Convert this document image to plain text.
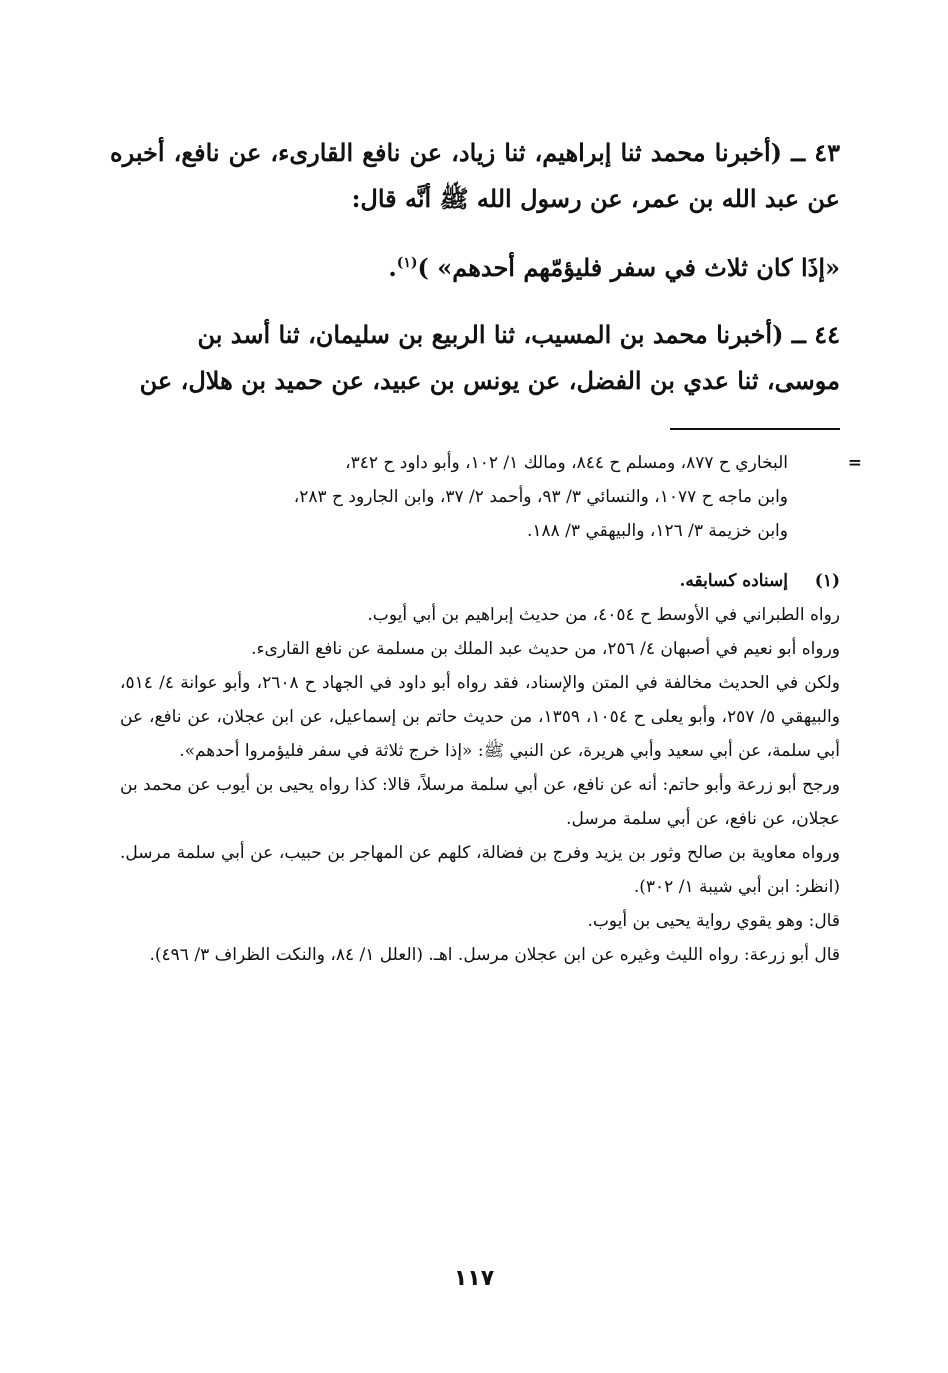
٤٣ ــ (أخبرنا محمد ثنا إبراهيم، ثنا زياد، عن نافع القارىء، عن نافع، أخبره عن عبد الله بن عمر، عن رسول الله ﷺ أنَّه قال:

«إذَا كان ثلاث في سفر فليؤمّهم أحدهم» )$^{(١)}$.

٤٤ ــ (أخبرنا محمد بن المسيب، ثنا الربيع بن سليمان، ثنا أسد بن

موسى، ثنا عدي بن الفضل، عن يونس بن عبيد، عن حميد بن هلال، عن

=

البخاري ح ٨٧٧، ومسلم ح ٨٤٤، ومالك ١/ ١٠٢، وأبو داود ح ٣٤٢،

وابن ماجه ح ١٠٧٧، والنسائي ٣/ ٩٣، وأحمد ٢/ ٣٧، وابن الجارود ح ٢٨٣،

وابن خزيمة ٣/ ١٢٦، والبيهقي ٣/ ١٨٨.

(١)

إسناده كسابقه.

رواه الطبراني في الأوسط ح ٤٠٥٤، من حديث إبراهيم بن أبي أيوب.

ورواه أبو نعيم في أصبهان ٤/ ٢٥٦، من حديث عبد الملك بن مسلمة عن نافع القارىء.

ولكن في الحديث مخالفة في المتن والإسناد، فقد رواه أبو داود في الجهاد ح ٢٦٠٨، وأبو عوانة ٤/ ٥١٤، والبيهقي ٥/ ٢٥٧، وأبو يعلى ح ١٠٥٤، ١٣٥٩، من حديث حاتم بن إسماعيل، عن ابن عجلان، عن نافع، عن أبي سلمة، عن أبي سعيد وأبي هريرة، عن النبي ﷺ: «إذا خرج ثلاثة في سفر فليؤمروا أحدهم».

ورجح أبو زرعة وأبو حاتم: أنه عن نافع، عن أبي سلمة مرسلاً، قالا: كذا رواه يحيى بن أيوب عن محمد بن عجلان، عن نافع، عن أبي سلمة مرسل.

ورواه معاوية بن صالح وثور بن يزيد وفرج بن فضالة، كلهم عن المهاجر بن حبيب، عن أبي سلمة مرسل. (انظر: ابن أبي شيبة ١/ ٣٠٢).

قال: وهو يقوي رواية يحيى بن أيوب.

قال أبو زرعة: رواه الليث وغيره عن ابن عجلان مرسل. اهـ. (العلل ١/ ٨٤، والنكت الظراف ٣/ ٤٩٦).

١١٧
